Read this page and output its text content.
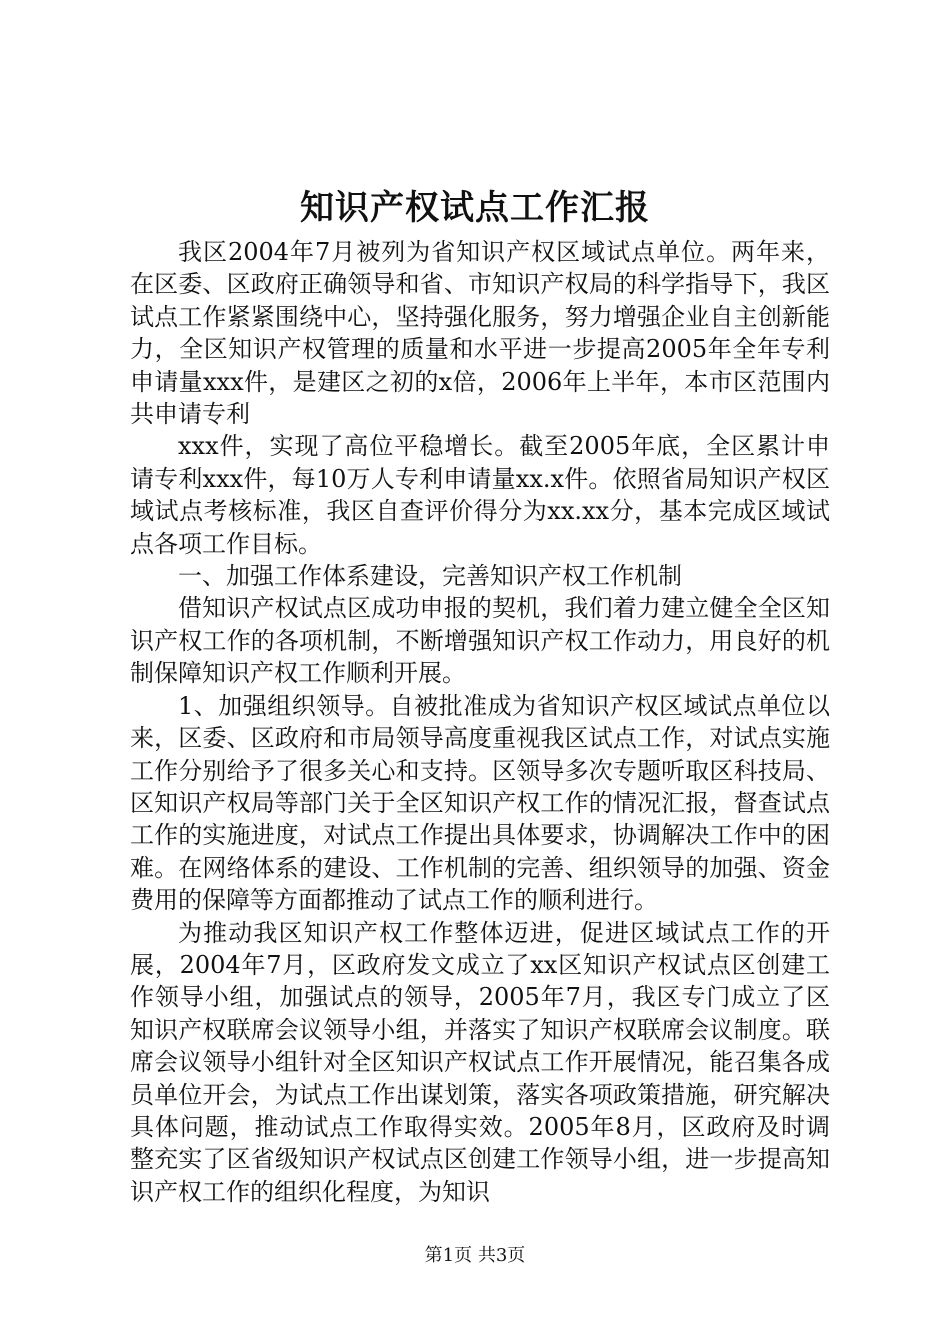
知识产权试点工作汇报

我区2004年7月被列为省知识产权区域试点单位。两年来，在区委、区政府正确领导和省、市知识产权局的科学指导下，我区试点工作紧紧围绕中心，坚持强化服务，努力增强企业自主创新能力，全区知识产权管理的质量和水平进一步提高2005年全年专利申请量xxx件，是建区之初的x倍，2006年上半年，本市区范围内共申请专利

xxx件，实现了高位平稳增长。截至2005年底，全区累计申请专利xxx件，每10万人专利申请量xx.x件。依照省局知识产权区域试点考核标准，我区自查评价得分为xx.xx分，基本完成区域试点各项工作目标。

一、加强工作体系建设，完善知识产权工作机制

借知识产权试点区成功申报的契机，我们着力建立健全全区知识产权工作的各项机制，不断增强知识产权工作动力，用良好的机制保障知识产权工作顺利开展。

1、加强组织领导。自被批准成为省知识产权区域试点单位以来，区委、区政府和市局领导高度重视我区试点工作，对试点实施工作分别给予了很多关心和支持。区领导多次专题听取区科技局、区知识产权局等部门关于全区知识产权工作的情况汇报，督查试点工作的实施进度，对试点工作提出具体要求，协调解决工作中的困难。在网络体系的建设、工作机制的完善、组织领导的加强、资金费用的保障等方面都推动了试点工作的顺利进行。

为推动我区知识产权工作整体迈进，促进区域试点工作的开展，2004年7月，区政府发文成立了xx区知识产权试点区创建工作领导小组，加强试点的领导，2005年7月，我区专门成立了区知识产权联席会议领导小组，并落实了知识产权联席会议制度。联席会议领导小组针对全区知识产权试点工作开展情况，能召集各成员单位开会，为试点工作出谋划策，落实各项政策措施，研究解决具体问题，推动试点工作取得实效。2005年8月，区政府及时调整充实了区省级知识产权试点区创建工作领导小组，进一步提高知识产权工作的组织化程度，为知识

第1页 共3页
